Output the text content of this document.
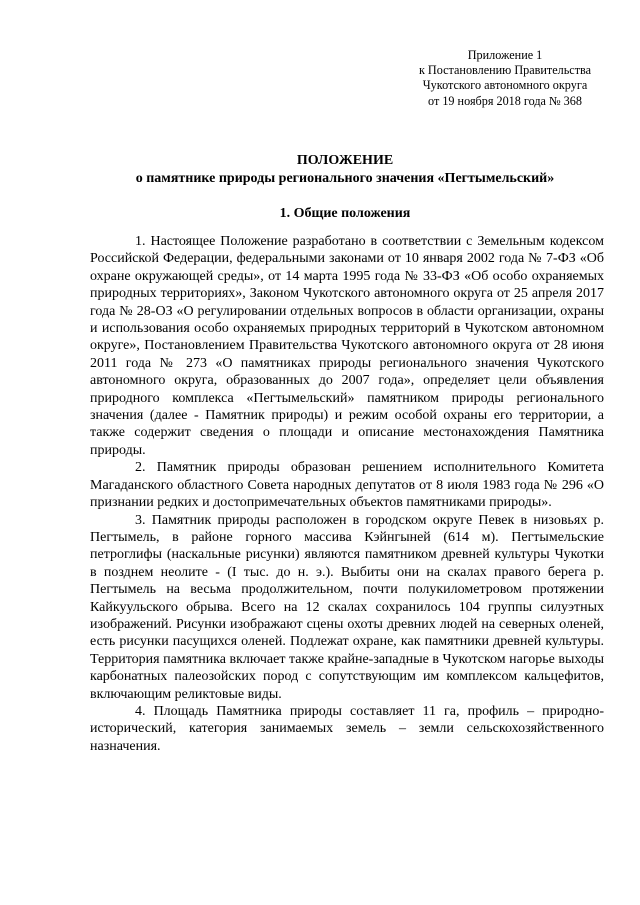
Приложение 1
к Постановлению Правительства
Чукотского автономного округа
от 19 ноября 2018 года № 368
ПОЛОЖЕНИЕ
о памятнике природы регионального значения «Пегтымельский»
1. Общие положения

1. Настоящее Положение разработано в соответствии с Земельным кодексом Российской Федерации, федеральными законами от 10 января 2002 года № 7-ФЗ «Об охране окружающей среды», от 14 марта 1995 года № 33-ФЗ «Об особо охраняемых природных территориях», Законом Чукотского автономного округа от 25 апреля 2017 года № 28-ОЗ «О регулировании отдельных вопросов в области организации, охраны и использования особо охраняемых природных территорий в Чукотском автономном округе», Постановлением Правительства Чукотского автономного округа от 28 июня 2011 года № 273 «О памятниках природы регионального значения Чукотского автономного округа, образованных до 2007 года», определяет цели объявления природного комплекса «Пегтымельский» памятником природы регионального значения (далее - Памятник природы) и режим особой охраны его территории, а также содержит сведения о площади и описание местонахождения Памятника природы.

2. Памятник природы образован решением исполнительного Комитета Магаданского областного Совета народных депутатов от 8 июля 1983 года № 296 «О признании редких и достопримечательных объектов памятниками природы».

3. Памятник природы расположен в городском округе Певек в низовьях р. Пегтымель, в районе горного массива Кэйнгыней (614 м). Пегтымельские петроглифы (наскальные рисунки) являются памятником древней культуры Чукотки в позднем неолите - (I тыс. до н. э.). Выбиты они на скалах правого берега р. Пегтымель на весьма продолжительном, почти полукилометровом протяжении Кайкуульского обрыва. Всего на 12 скалах сохранилось 104 группы силуэтных изображений. Рисунки изображают сцены охоты древних людей на северных оленей, есть рисунки пасущихся оленей. Подлежат охране, как памятники древней культуры. Территория памятника включает также крайне-западные в Чукотском нагорье выходы карбонатных палеозойских пород с сопутствующим им комплексом кальцефитов, включающим реликтовые виды.

4. Площадь Памятника природы составляет 11 га, профиль – природно-исторический, категория занимаемых земель – земли сельскохозяйственного назначения.
